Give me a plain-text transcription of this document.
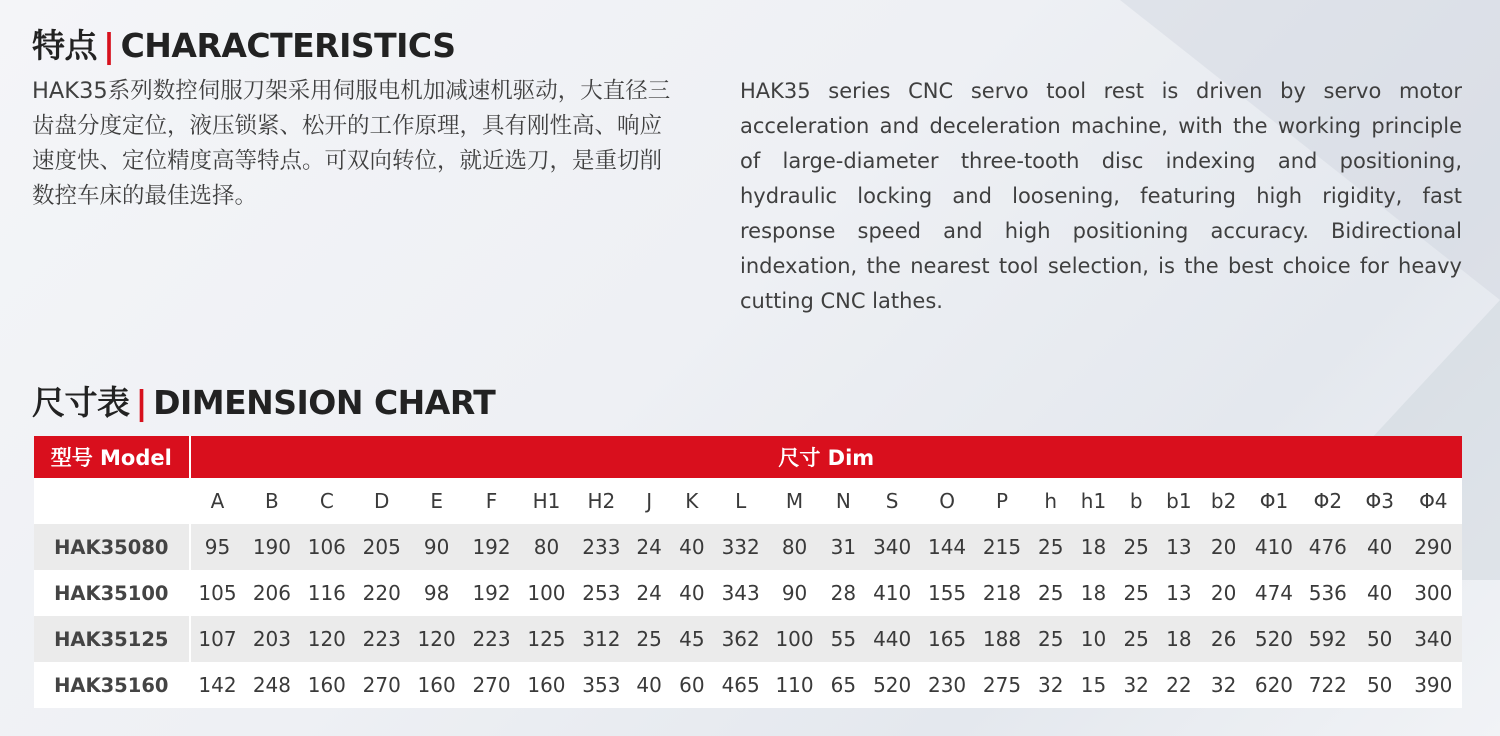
特点 | CHARACTERISTICS

HAK35系列数控伺服刀架采用伺服电机加减速机驱动，大直径三齿盘分度定位，液压锁紧、松开的工作原理，具有刚性高、响应速度快、定位精度高等特点。可双向转位，就近选刀，是重切削数控车床的最佳选择。

HAK35 series CNC servo tool rest is driven by servo motor acceleration and deceleration machine, with the working principle of large-diameter three-tooth disc indexing and positioning, hydraulic locking and loosening, featuring high rigidity, fast response speed and high positioning accuracy. Bidirectional indexation, the nearest tool selection, is the best choice for heavy cutting CNC lathes.

尺寸表 | DIMENSION CHART
型号 Model	尺寸 Dim																								
	A	B	C	D	E	F	H1	H2	J	K	L	M	N	S	O	P	h	h1	b	b1	b2	Φ1	Φ2	Φ3	Φ4
HAK35080	95	190	106	205	90	192	80	233	24	40	332	80	31	340	144	215	25	18	25	13	20	410	476	40	290
HAK35100	105	206	116	220	98	192	100	253	24	40	343	90	28	410	155	218	25	18	25	13	20	474	536	40	300
HAK35125	107	203	120	223	120	223	125	312	25	45	362	100	55	440	165	188	25	10	25	18	26	520	592	50	340
HAK35160	142	248	160	270	160	270	160	353	40	60	465	110	65	520	230	275	32	15	32	22	32	620	722	50	390
